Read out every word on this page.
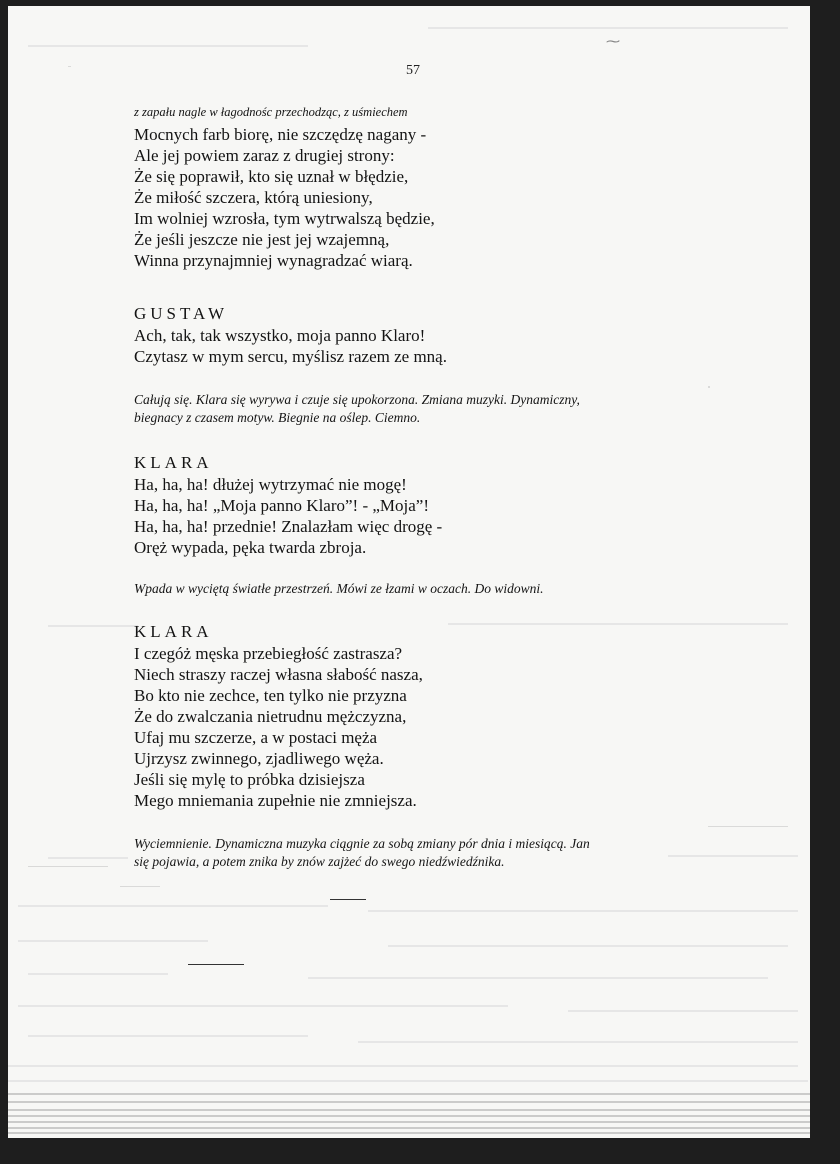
⁓
57
z zapału nagle w łagodnośc przechodząc, z uśmiechem
Mocnych farb biorę, nie szczędzę nagany -
Ale jej powiem zaraz z drugiej strony:
Że się poprawił, kto się uznał w błędzie,
Że miłość szczera, którą uniesiony,
Im wolniej wzrosła, tym wytrwalszą będzie,
Że jeśli jeszcze nie jest jej wzajemną,
Winna przynajmniej wynagradzać wiarą.
GUSTAW
Ach, tak, tak wszystko, moja panno Klaro!
Czytasz w mym sercu, myślisz razem ze mną.
Całują się. Klara się wyrywa i czuje się upokorzona. Zmiana muzyki. Dynamiczny,
biegnacy z czasem motyw. Biegnie na oślep. Ciemno.
KLARA
Ha, ha, ha! dłużej wytrzymać nie mogę!
Ha, ha, ha! „Moja panno Klaro”! - „Moja”!
Ha, ha, ha! przednie! Znalazłam więc drogę -
Oręż wypada, pęka twarda zbroja.
Wpada w wyciętą światłe przestrzeń. Mówi ze łzami w oczach. Do widowni.
KLARA
I czegóż męska przebiegłość zastrasza?
Niech straszy raczej własna słabość nasza,
Bo kto nie zechce, ten tylko nie przyzna
Że do zwalczania nietrudnu mężczyzna,
Ufaj mu szczerze, a w postaci męża
Ujrzysz zwinnego, zjadliwego węża.
Jeśli się mylę to próbka dzisiejsza
Mego mniemania zupełnie nie zmniejsza.
Wyciemnienie. Dynamiczna muzyka ciągnie za sobą zmiany pór dnia i miesiącą. Jan
się pojawia, a potem znika by znów zajżeć do swego niedźwiedźnika.
